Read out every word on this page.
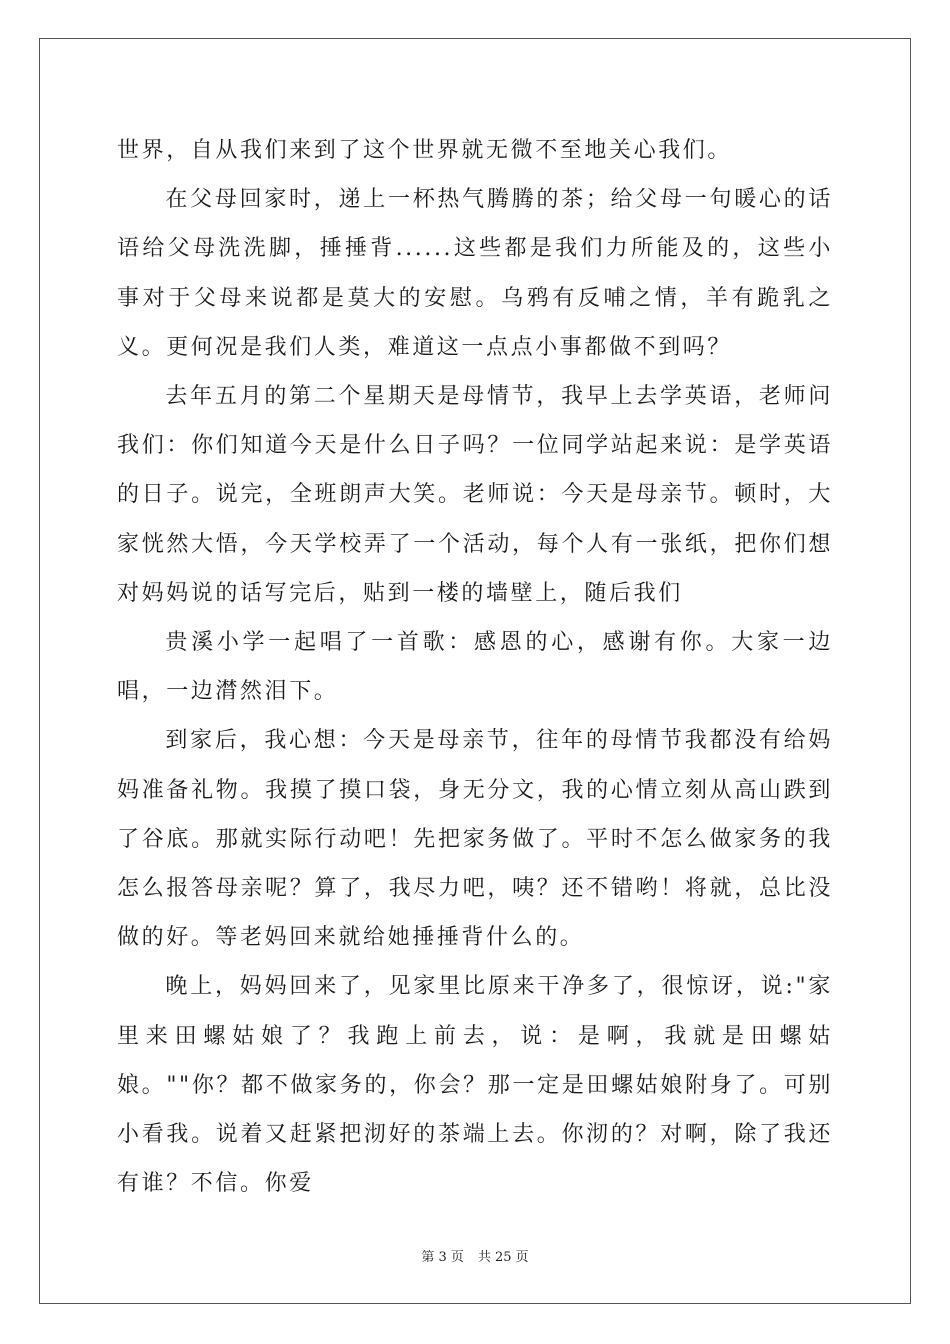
世界，自从我们来到了这个世界就无微不至地关心我们。

在父母回家时，递上一杯热气腾腾的茶；给父母一句暖心的话语给父母洗洗脚，捶捶背......这些都是我们力所能及的，这些小事对于父母来说都是莫大的安慰。乌鸦有反哺之情，羊有跪乳之义。更何况是我们人类，难道这一点点小事都做不到吗？

去年五月的第二个星期天是母情节，我早上去学英语，老师问我们：你们知道今天是什么日子吗？一位同学站起来说：是学英语的日子。说完，全班朗声大笑。老师说：今天是母亲节。顿时，大家恍然大悟，今天学校弄了一个活动，每个人有一张纸，把你们想对妈妈说的话写完后，贴到一楼的墙壁上，随后我们

贵溪小学一起唱了一首歌：感恩的心，感谢有你。大家一边唱，一边潸然泪下。

到家后，我心想：今天是母亲节，往年的母情节我都没有给妈妈准备礼物。我摸了摸口袋，身无分文，我的心情立刻从高山跌到了谷底。那就实际行动吧！先把家务做了。平时不怎么做家务的我怎么报答母亲呢？算了，我尽力吧，咦？还不错哟！将就，总比没做的好。等老妈回来就给她捶捶背什么的。

晚上，妈妈回来了，见家里比原来干净多了，很惊讶，说:"家里来田螺姑娘了？我跑上前去，说：是啊，我就是田螺姑娘。""你？都不做家务的，你会？那一定是田螺姑娘附身了。可别小看我。说着又赶紧把沏好的茶端上去。你沏的？对啊，除了我还有谁？不信。你爱

第 3 页 共 25 页
